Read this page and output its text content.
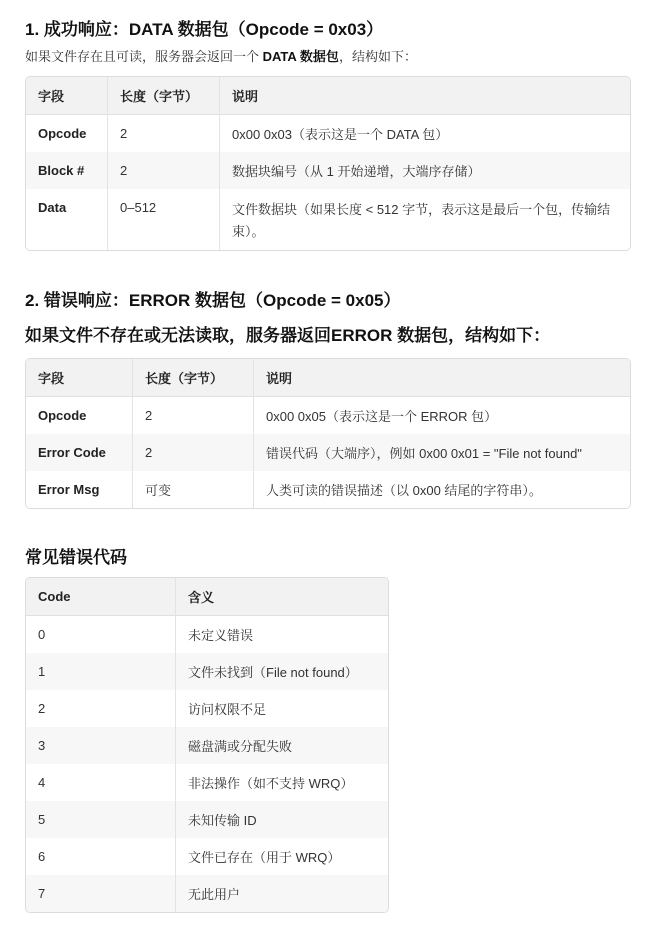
1. 成功响应：DATA 数据包（Opcode = 0x03）

如果文件存在且可读，服务器会返回一个 DATA 数据包，结构如下：

字段	长度（字节）	说明
Opcode	2	0x00 0x03（表示这是一个 DATA 包）
Block #	2	数据块编号（从 1 开始递增，大端序存储）
Data	0–512	文件数据块（如果长度 < 512 字节，表示这是最后一个包，传输结束）。
2. 错误响应：ERROR 数据包（Opcode = 0x05）

如果文件不存在或无法读取，服务器返回ERROR 数据包，结构如下：

字段	长度（字节）	说明
Opcode	2	0x00 0x05（表示这是一个 ERROR 包）
Error Code	2	错误代码（大端序），例如 0x00 0x01 = "File not found"
Error Msg	可变	人类可读的错误描述（以 0x00 结尾的字符串）。
常见错误代码
Code	含义
0	未定义错误
1	文件未找到（File not found）
2	访问权限不足
3	磁盘满或分配失败
4	非法操作（如不支持 WRQ）
5	未知传输 ID
6	文件已存在（用于 WRQ）
7	无此用户
